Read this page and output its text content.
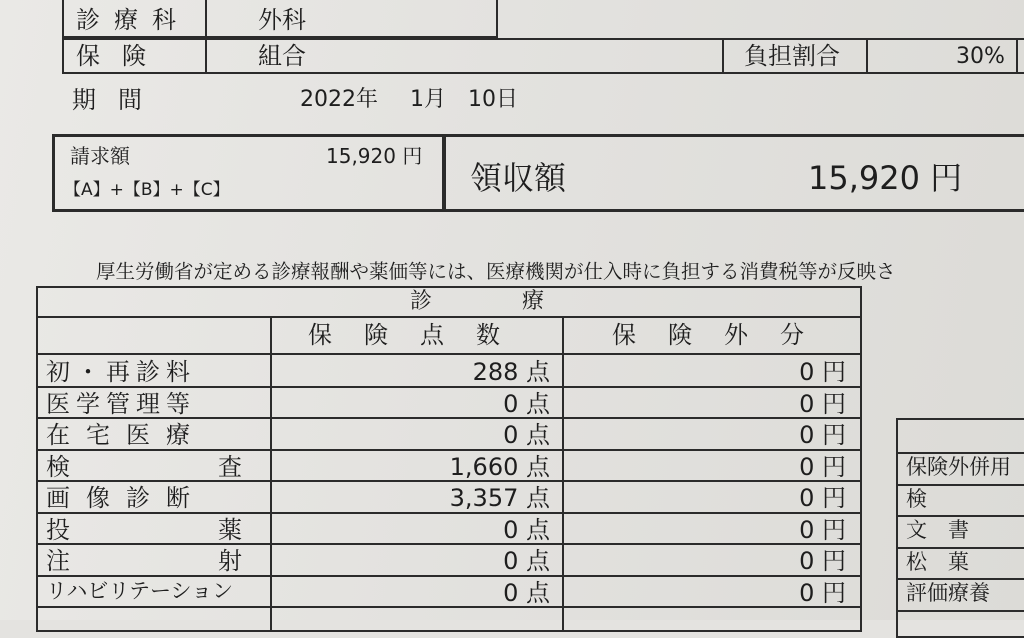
診療科	外科
保険	組合	負担割合	30%
期間	2022年 1月 10日
請求額	15,920 円
【A】+【B】+【C】	領収額	15,920 円
厚生労働省が定める診療報酬や薬価等には、医療機関が仕入時に負担する消費税等が反映さ
診療
保険点数	保険外分
初・再診料	288 点	0 円
医学管理等	0 点	0 円
在宅医療	0 点	0 円
検査 1,660 点	0 円
画像診断	3,357 点	0 円
投薬	0 点	0 円
注射	0 点	0 円
リハビリテーション	0 点	0 円
保険外併用
検
文　書
松　菓
評価療養
